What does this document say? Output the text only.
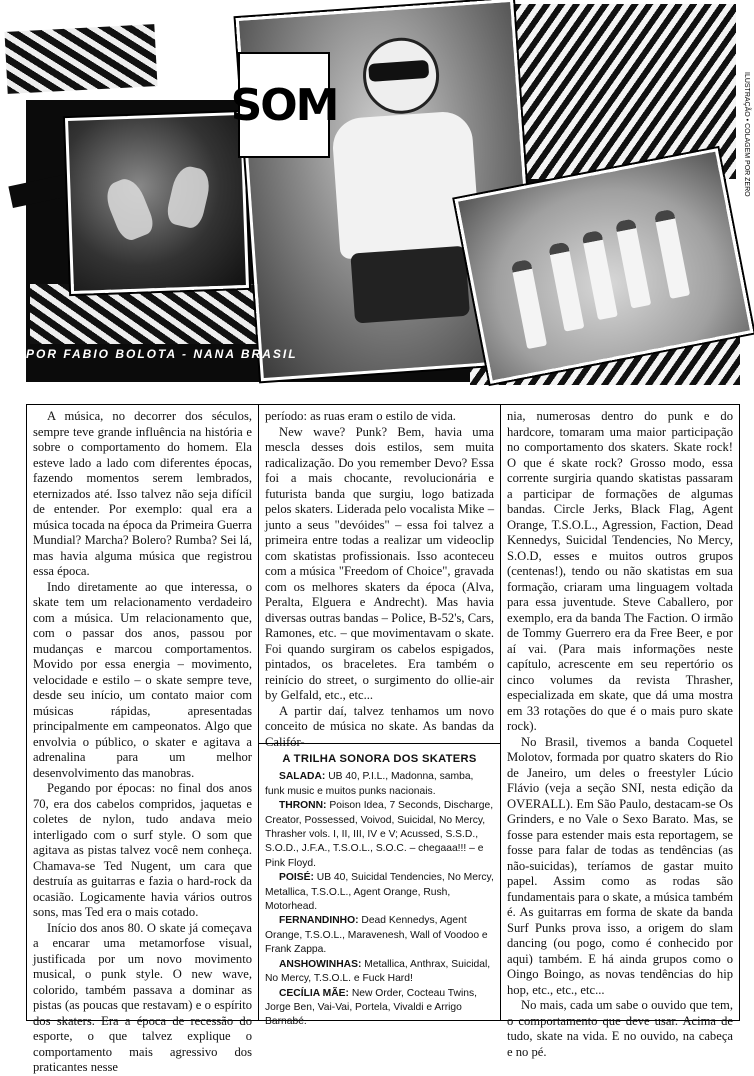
SOM
POR FABIO BOLOTA - NANA BRASIL
ILUSTRAÇÃO • COLAGEM POR ZERO

A música, no decorrer dos séculos, sempre teve grande influência na história e sobre o comportamento do homem. Ela esteve lado a lado com diferentes épocas, fazendo momentos serem lembrados, eternizados até. Isso talvez não seja difícil de entender. Por exemplo: qual era a música tocada na época da Primeira Guerra Mundial? Marcha? Bolero? Rumba? Sei lá, mas havia alguma música que registrou essa época.

Indo diretamente ao que interessa, o skate tem um relacionamento verdadeiro com a música. Um relacionamento que, com o passar dos anos, passou por mudanças e marcou comportamentos. Movido por essa energia – movimento, velocidade e estilo – o skate sempre teve, desde seu início, um contato maior com músicas rápidas, apresentadas principalmente em campeonatos. Algo que envolvia o público, o skater e agitava a adrenalina para um melhor desenvolvimento das manobras.

Pegando por épocas: no final dos anos 70, era dos cabelos compridos, jaquetas e coletes de nylon, tudo andava meio interligado com o surf style. O som que agitava as pistas talvez você nem conheça. Chamava-se Ted Nugent, um cara que destruía as guitarras e fazia o hard-rock da ocasião. Logicamente havia vários outros sons, mas Ted era o mais cotado.

Início dos anos 80. O skate já começava a encarar uma metamorfose visual, justificada por um novo movimento musical, o punk style. O new wave, colorido, também passava a dominar as pistas (as poucas que restavam) e o espírito dos skaters. Era a época de recessão do esporte, o que talvez explique o comportamento mais agressivo dos praticantes nesse

período: as ruas eram o estilo de vida.

New wave? Punk? Bem, havia uma mescla desses dois estilos, sem muita radicalização. Do you remember Devo? Essa foi a mais chocante, revolucionária e futurista banda que surgiu, logo batizada pelos skaters. Liderada pelo vocalista Mike – junto a seus "devóides" – essa foi talvez a primeira entre todas a realizar um videoclip com skatistas profissionais. Isso aconteceu com a música "Freedom of Choice", gravada com os melhores skaters da época (Alva, Peralta, Elguera e Andrecht). Mas havia diversas outras bandas – Police, B-52's, Cars, Ramones, etc. – que movimentavam o skate. Foi quando surgiram os cabelos espigados, pintados, os braceletes. Era também o reinício do street, o surgimento do ollie-air by Gelfald, etc., etc...

A partir daí, talvez tenhamos um novo conceito de música no skate. As bandas da Califór-

A TRILHA SONORA DOS SKATERS

SALADA: UB 40, P.I.L., Madonna, samba, funk music e muitos punks nacionais.

THRONN: Poison Idea, 7 Seconds, Discharge, Creator, Possessed, Voivod, Suicidal, No Mercy, Thrasher vols. I, II, III, IV e V; Acussed, S.S.D., S.O.D., J.F.A., T.S.O.L., S.O.C. – chegaaa!!! – e Pink Floyd.

POISÉ: UB 40, Suicidal Tendencies, No Mercy, Metallica, T.S.O.L., Agent Orange, Rush, Motorhead.

FERNANDINHO: Dead Kennedys, Agent Orange, T.S.O.L., Maravenesh, Wall of Voodoo e Frank Zappa.

ANSHOWINHAS: Metallica, Anthrax, Suicidal, No Mercy, T.S.O.L. e Fuck Hard!

CECÍLIA MÃE: New Order, Cocteau Twins, Jorge Ben, Vai-Vai, Portela, Vivaldi e Arrigo Barnabé.

nia, numerosas dentro do punk e do hardcore, tomaram uma maior participação no comportamento dos skaters. Skate rock! O que é skate rock? Grosso modo, essa corrente surgiria quando skatistas passaram a participar de formações de algumas bandas. Circle Jerks, Black Flag, Agent Orange, T.S.O.L., Agression, Faction, Dead Kennedys, Suicidal Tendencies, No Mercy, S.O.D, esses e muitos outros grupos (centenas!), tendo ou não skatistas em sua formação, criaram uma linguagem voltada para essa juventude. Steve Caballero, por exemplo, era da banda The Faction. O irmão de Tommy Guerrero era da Free Beer, e por aí vai. (Para mais informações neste capítulo, acrescente em seu repertório os cinco volumes da revista Thrasher, especializada em skate, que dá uma mostra em 33 rotações do que é o mais puro skate rock).

No Brasil, tivemos a banda Coquetel Molotov, formada por quatro skaters do Rio de Janeiro, um deles o freestyler Lúcio Flávio (veja a seção SNI, nesta edição da OVERALL). Em São Paulo, destacam-se Os Grinders, e no Vale o Sexo Barato. Mas, se fosse para estender mais esta reportagem, se fosse para falar de todas as tendências (as não-suicidas), teríamos de gastar muito papel. Assim como as rodas são fundamentais para o skate, a música também é. As guitarras em forma de skate da banda Surf Punks prova isso, a origem do slam dancing (ou pogo, como é conhecido por aqui) também. E há ainda grupos como o Oingo Boingo, as novas tendências do hip hop, etc., etc., etc...

No mais, cada um sabe o ouvido que tem, o comportamento que deve usar. Acima de tudo, skate na vida. E no ouvido, na cabeça e no pé.
